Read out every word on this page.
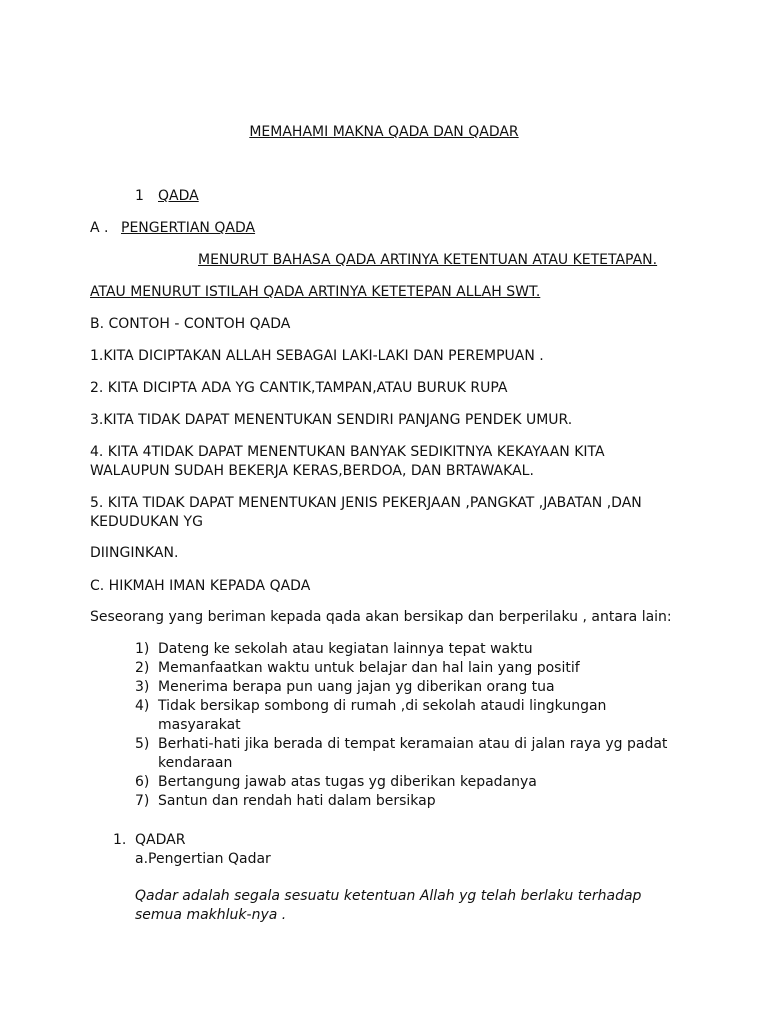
MEMAHAMI MAKNA QADA DAN QADAR
1 QADA
A . PENGERTIAN QADA
MENURUT BAHASA QADA ARTINYA KETENTUAN ATAU KETETAPAN.
ATAU MENURUT ISTILAH QADA ARTINYA KETETEPAN ALLAH SWT.
B. CONTOH - CONTOH QADA
1.KITA DICIPTAKAN ALLAH SEBAGAI LAKI-LAKI DAN PEREMPUAN .
2. KITA DICIPTA ADA YG CANTIK,TAMPAN,ATAU BURUK RUPA
3.KITA TIDAK DAPAT MENENTUKAN SENDIRI PANJANG PENDEK UMUR.
4. KITA 4TIDAK DAPAT MENENTUKAN BANYAK SEDIKITNYA KEKAYAAN KITA
WALAUPUN SUDAH BEKERJA KERAS,BERDOA, DAN BRTAWAKAL.
5. KITA TIDAK DAPAT MENENTUKAN JENIS PEKERJAAN ,PANGKAT ,JABATAN ,DAN
KEDUDUKAN YG
DIINGINKAN.
C. HIKMAH IMAN KEPADA QADA
Seseorang yang beriman kepada qada akan bersikap dan berperilaku , antara lain:
1) Dateng ke sekolah atau kegiatan lainnya tepat waktu
2) Memanfaatkan waktu untuk belajar dan hal lain yang positif
3) Menerima berapa pun uang jajan yg diberikan orang tua
4) Tidak bersikap sombong di rumah ,di sekolah ataudi lingkungan masyarakat
5) Berhati-hati jika berada di tempat keramaian atau di jalan raya yg padat kendaraan
6) Bertangung jawab atas tugas yg diberikan kepadanya
7) Santun dan rendah hati dalam bersikap
1. QADAR
a.Pengertian Qadar
Qadar adalah segala sesuatu ketentuan Allah yg telah berlaku terhadap semua makhluk-nya .
